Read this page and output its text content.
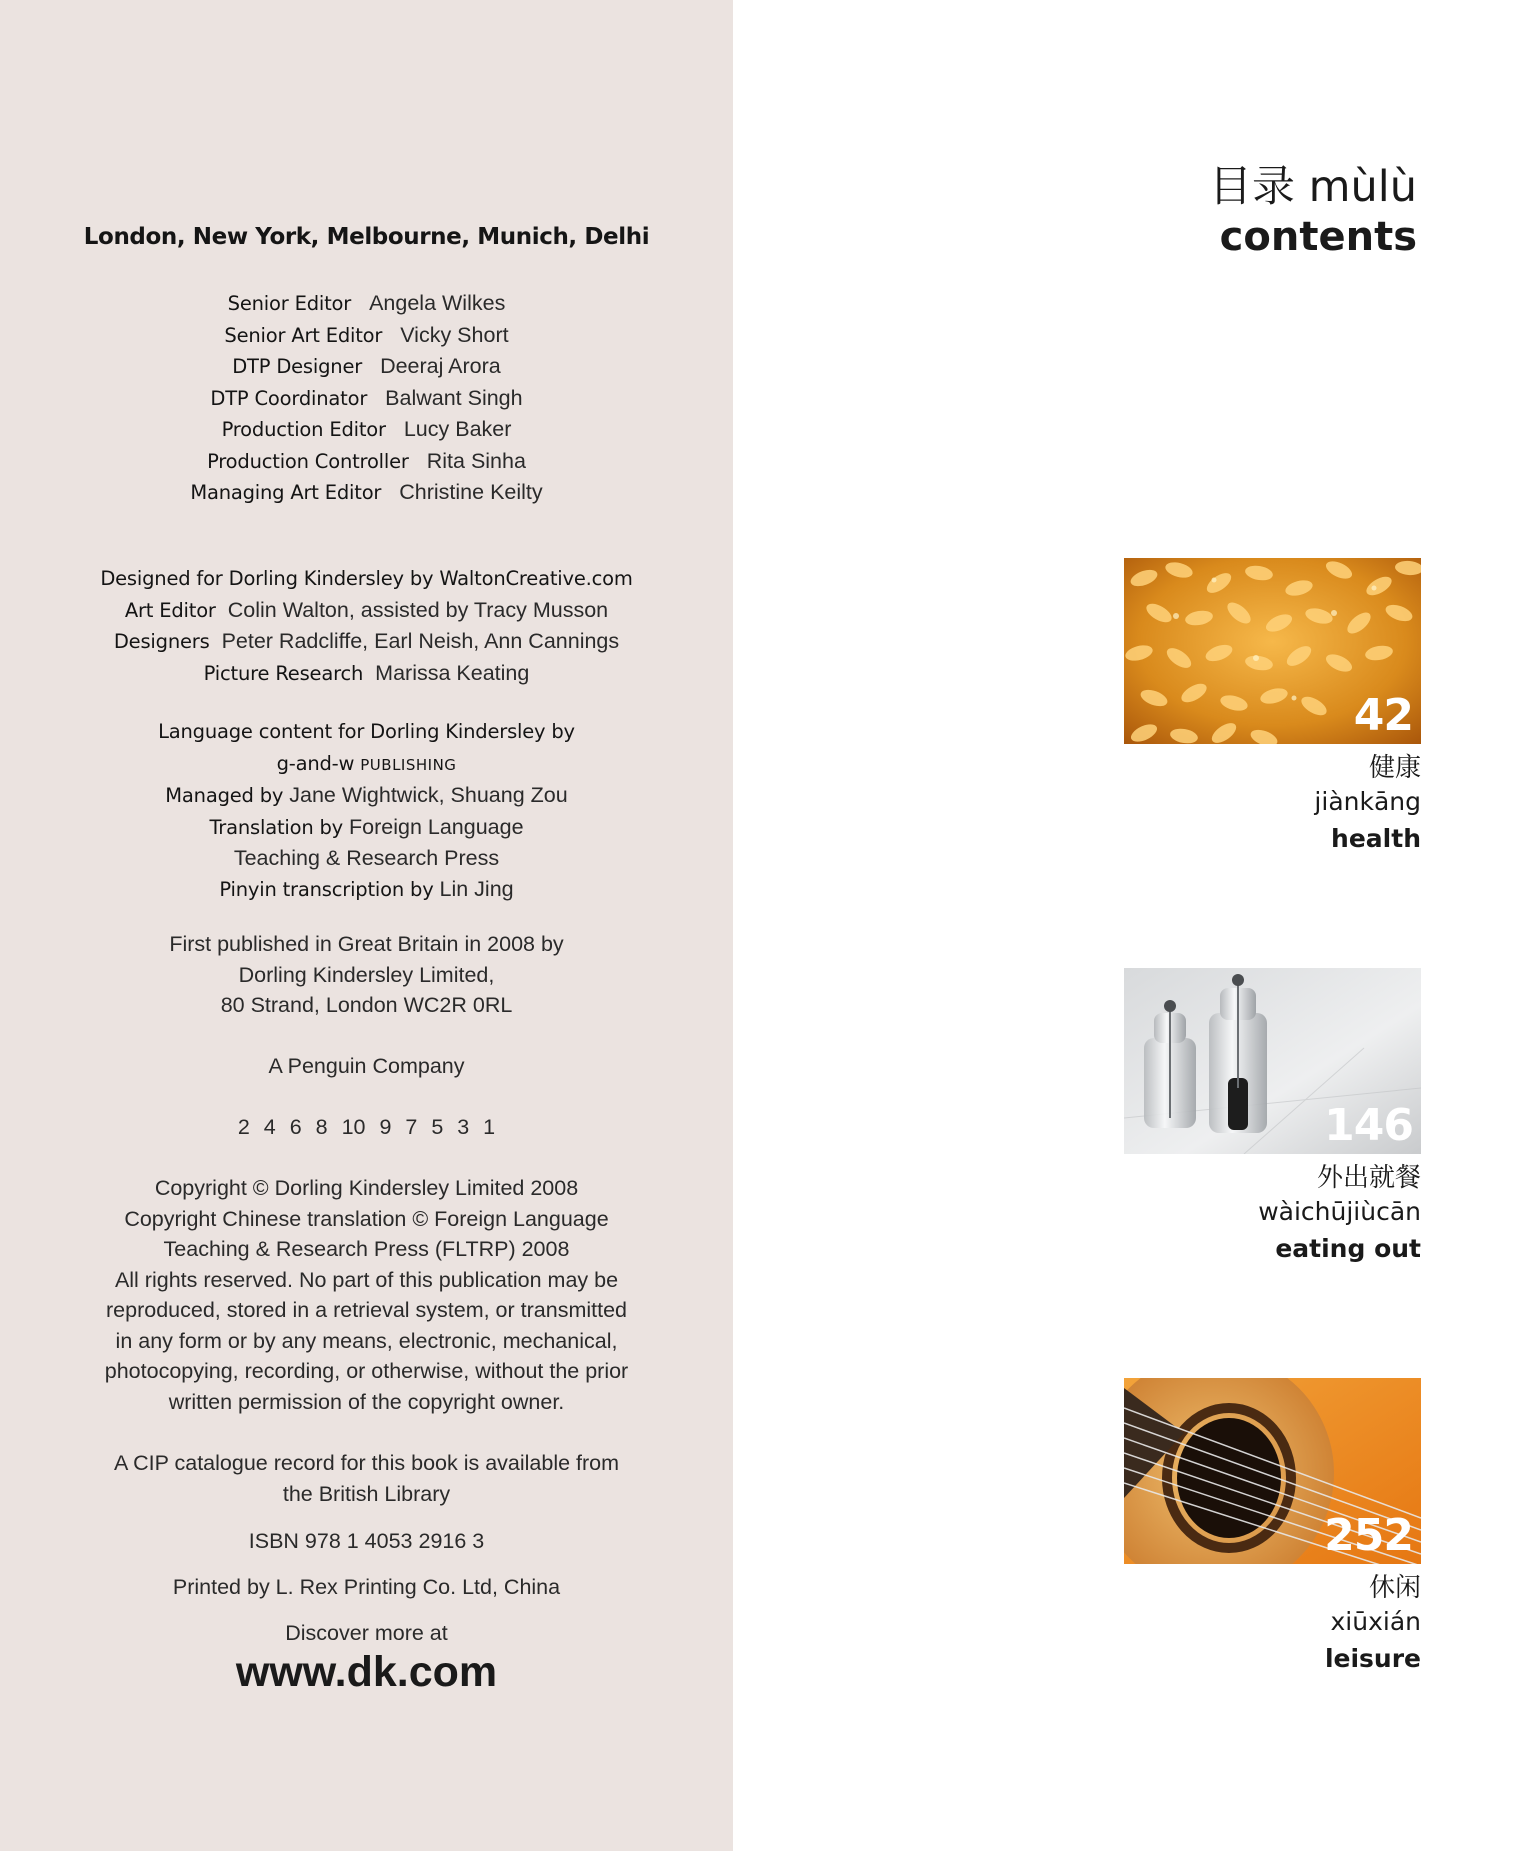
London, New York, Melbourne, Munich, Delhi
Senior Editor Angela Wilkes
Senior Art Editor Vicky Short
DTP Designer Deeraj Arora
DTP Coordinator Balwant Singh
Production Editor Lucy Baker
Production Controller Rita Sinha
Managing Art Editor Christine Keilty
Designed for Dorling Kindersley by WaltonCreative.com
Art Editor Colin Walton, assisted by Tracy Musson
Designers Peter Radcliffe, Earl Neish, Ann Cannings
Picture Research Marissa Keating
Language content for Dorling Kindersley by
g-and-w PUBLISHING
Managed by Jane Wightwick, Shuang Zou
Translation by Foreign Language
Teaching & Research Press
Pinyin transcription by Lin Jing
First published in Great Britain in 2008 by
Dorling Kindersley Limited,
80 Strand, London WC2R 0RL
A Penguin Company
2 4 6 8 10 9 7 5 3 1
Copyright © Dorling Kindersley Limited 2008
Copyright Chinese translation © Foreign Language
Teaching & Research Press (FLTRP) 2008
All rights reserved. No part of this publication may be
reproduced, stored in a retrieval system, or transmitted
in any form or by any means, electronic, mechanical,
photocopying, recording, or otherwise, without the prior
written permission of the copyright owner.
A CIP catalogue record for this book is available from
the British Library
ISBN 978 1 4053 2916 3
Printed by L. Rex Printing Co. Ltd, China
Discover more at
www.dk.com
目录 mùlù
contents
42
健康
jiànkāng
health
146
外出就餐
wàichūjiùcān
eating out
252
休闲
xiūxián
leisure
